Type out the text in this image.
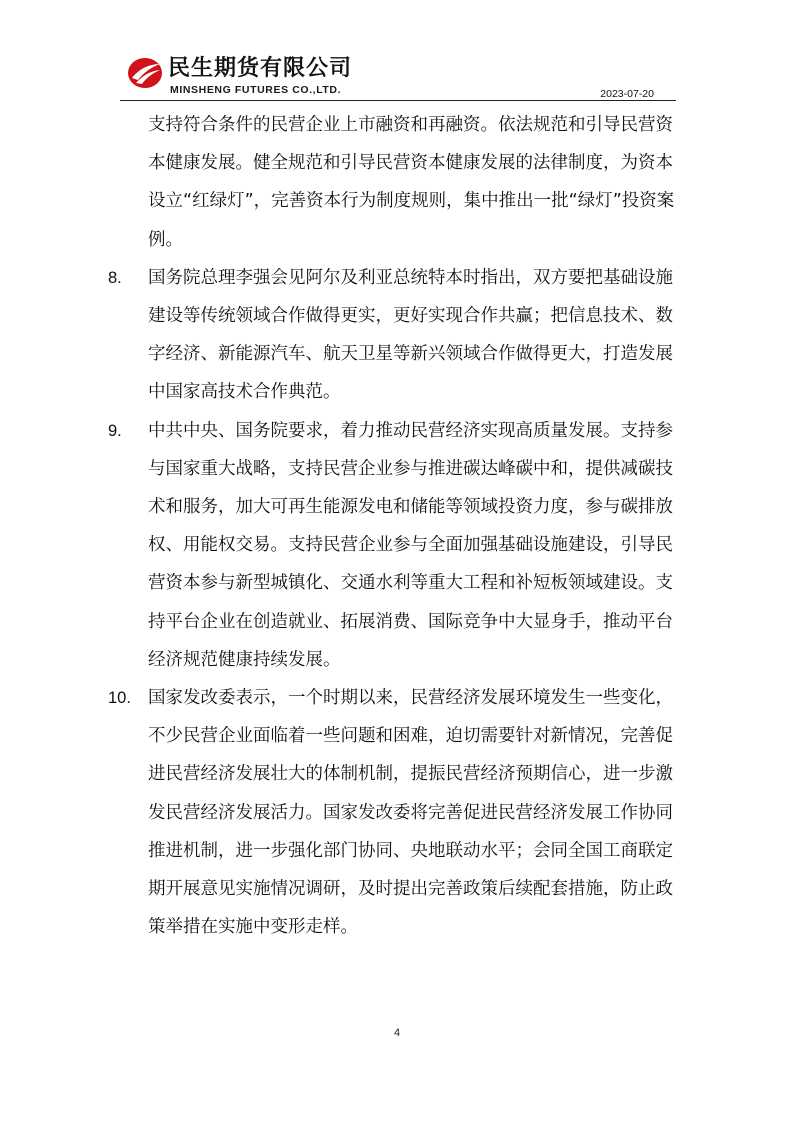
民生期货有限公司
MINSHENG FUTURES CO.,LTD.	2023-07-20

支持符合条件的民营企业上市融资和再融资。依法规范和引导民营资本健康发展。健全规范和引导民营资本健康发展的法律制度，为资本设立“红绿灯”，完善资本行为制度规则，集中推出一批“绿灯”投资案例。

8.	国务院总理李强会见阿尔及利亚总统特本时指出，双方要把基础设施建设等传统领域合作做得更实，更好实现合作共赢；把信息技术、数字经济、新能源汽车、航天卫星等新兴领域合作做得更大，打造发展中国家高技术合作典范。
9.	中共中央、国务院要求，着力推动民营经济实现高质量发展。支持参与国家重大战略，支持民营企业参与推进碳达峰碳中和，提供减碳技术和服务，加大可再生能源发电和储能等领域投资力度，参与碳排放权、用能权交易。支持民营企业参与全面加强基础设施建设，引导民营资本参与新型城镇化、交通水利等重大工程和补短板领域建设。支持平台企业在创造就业、拓展消费、国际竞争中大显身手，推动平台经济规范健康持续发展。
10. 国家发改委表示，一个时期以来，民营经济发展环境发生一些变化，不少民营企业面临着一些问题和困难，迫切需要针对新情况，完善促进民营经济发展壮大的体制机制，提振民营经济预期信心，进一步激发民营经济发展活力。国家发改委将完善促进民营经济发展工作协同推进机制，进一步强化部门协同、央地联动水平；会同全国工商联定期开展意见实施情况调研，及时提出完善政策后续配套措施，防止政策举措在实施中变形走样。
4
